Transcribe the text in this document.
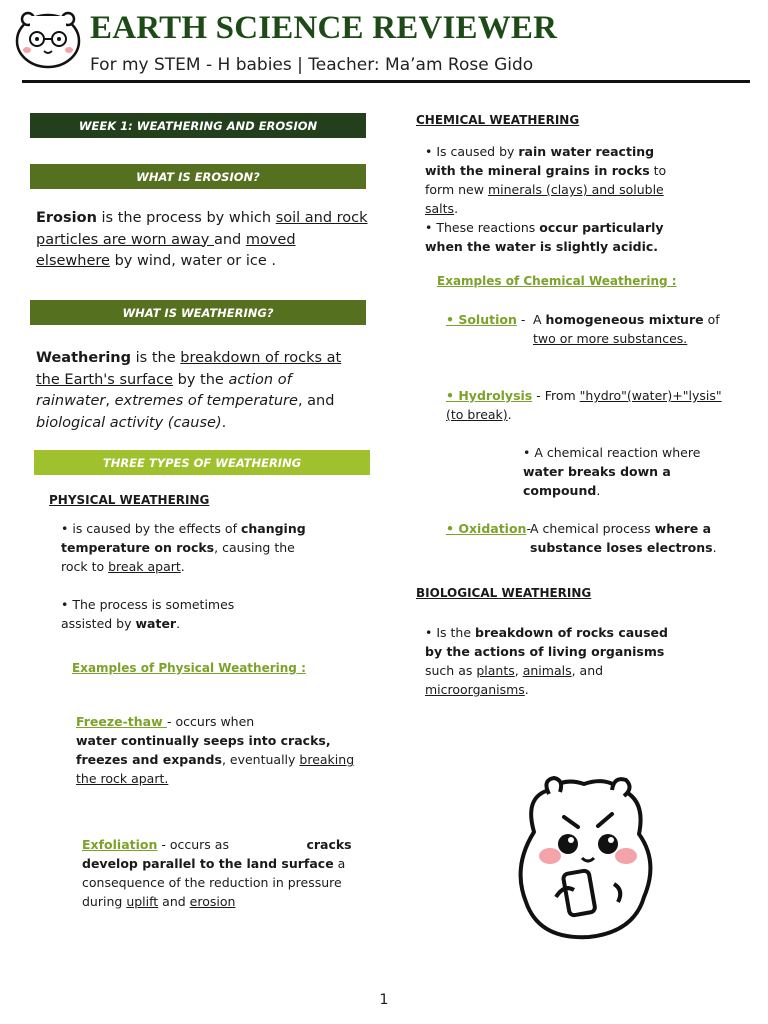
EARTH SCIENCE REVIEWER
For my STEM - H babies | Teacher: Ma’am Rose Gido
WEEK 1: WEATHERING AND EROSION
WHAT IS EROSION?
Erosion is the process by which soil and rock particles are worn away and moved elsewhere by wind, water or ice .
WHAT IS WEATHERING?
Weathering is the breakdown of rocks at the Earth's surface by the action of rainwater, extremes of temperature, and biological activity (cause).
THREE TYPES OF WEATHERING
PHYSICAL WEATHERING
• is caused by the effects of changing temperature on rocks, causing the rock to break apart.
• The process is sometimes assisted by water.
Examples of Physical Weathering :
Freeze-thaw - occurs when
water continually seeps into cracks, freezes and expands, eventually breaking the rock apart.
Exfoliation - occurs as	cracks develop parallel to the land surface a consequence of the reduction in pressure during uplift and erosion
CHEMICAL WEATHERING
• Is caused by rain water reacting with the mineral grains in rocks to form new minerals (clays) and soluble salts.
• These reactions occur particularly when the water is slightly acidic.
Examples of Chemical Weathering :
• Solution - A homogeneous mixture of two or more substances.
• Hydrolysis - From "hydro"(water)+"lysis"(to break).
• A chemical reaction where water breaks down a compound.
• Oxidation- A chemical process where a substance loses electrons.
BIOLOGICAL WEATHERING
• Is the breakdown of rocks caused by the actions of living organisms such as plants, animals, and microorganisms.
1
